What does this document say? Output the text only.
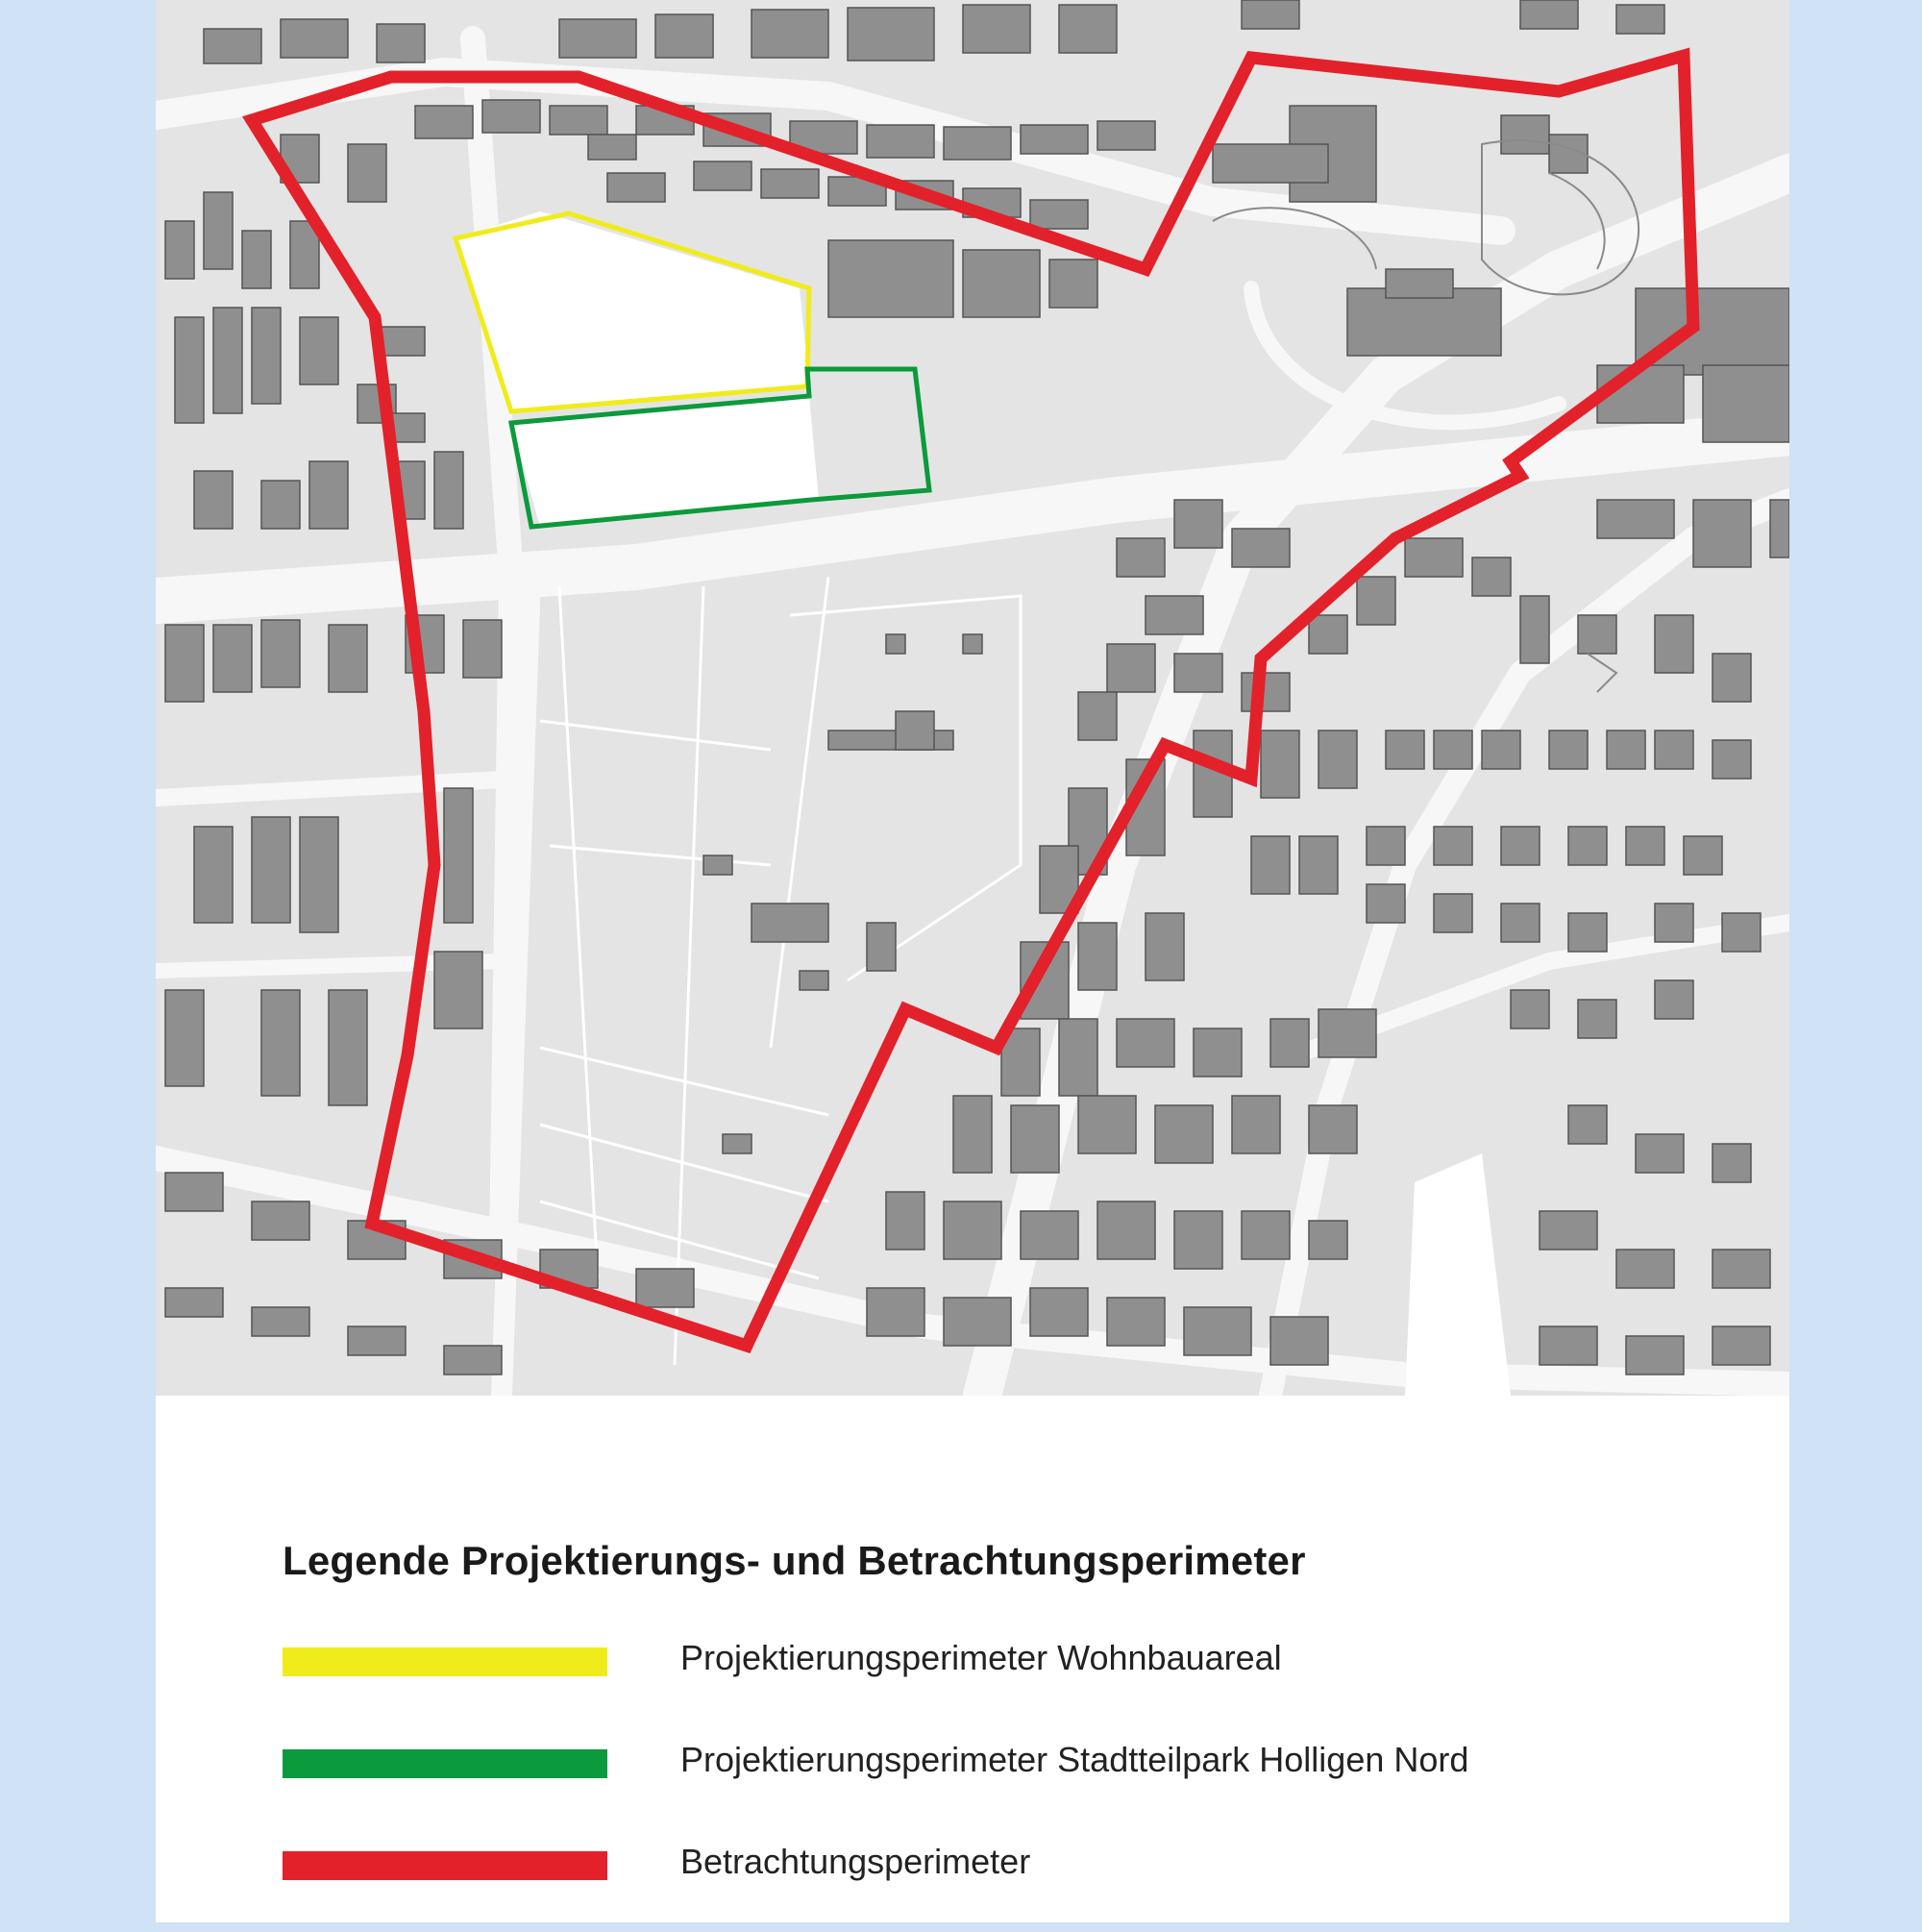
Legende Projektierungs- und Betrachtungsperimeter
Projektierungsperimeter Wohnbauareal
Projektierungsperimeter Stadtteilpark Holligen Nord
Betrachtungsperimeter
